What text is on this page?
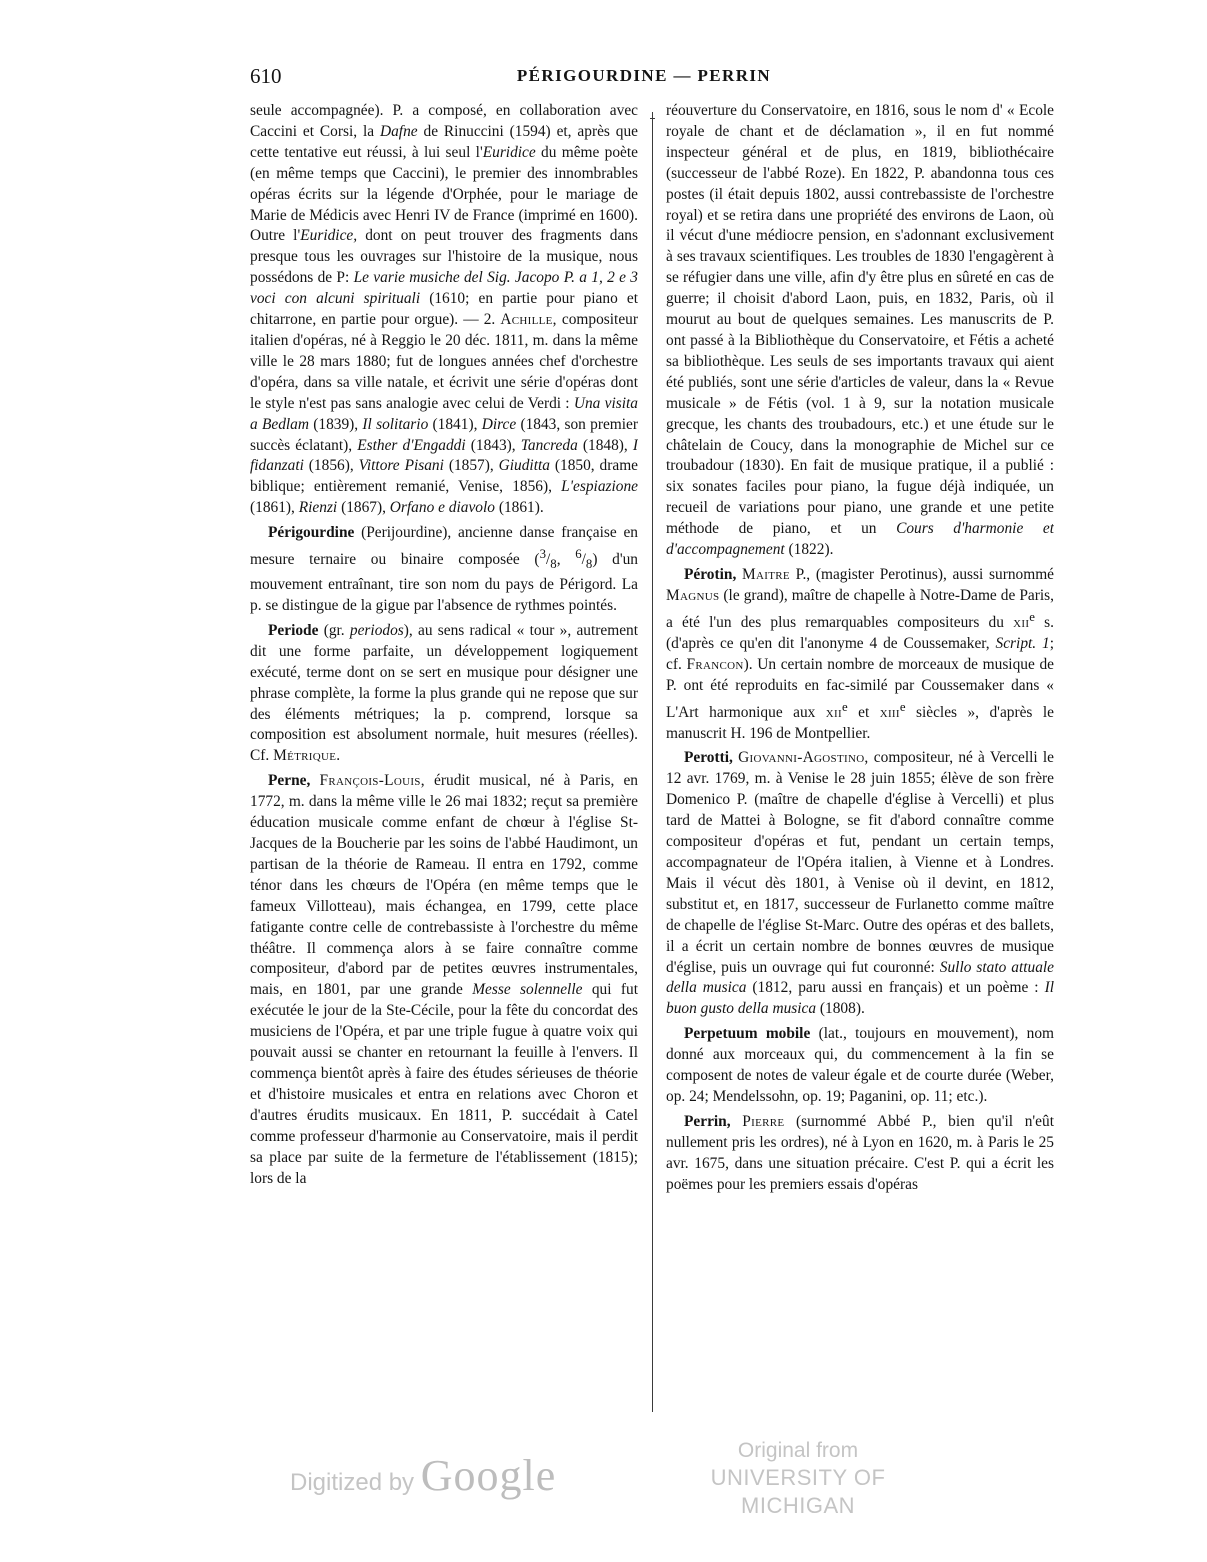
610	PÉRIGOURDINE — PERRIN

seule accompagnée). P. a composé, en collaboration avec Caccini et Corsi, la Dafne de Rinuccini (1594) et, après que cette tentative eut réussi, à lui seul l'Euridice du même poète (en même temps que Caccini), le premier des innombrables opéras écrits sur la légende d'Orphée, pour le mariage de Marie de Médicis avec Henri IV de France (imprimé en 1600). Outre l'Euridice, dont on peut trouver des fragments dans presque tous les ouvrages sur l'histoire de la musique, nous possédons de P: Le varie musiche del Sig. Jacopo P. a 1, 2 e 3 voci con alcuni spirituali (1610; en partie pour piano et chitarrone, en partie pour orgue). — 2. Achille, compositeur italien d'opéras, né à Reggio le 20 déc. 1811, m. dans la même ville le 28 mars 1880; fut de longues années chef d'orchestre d'opéra, dans sa ville natale, et écrivit une série d'opéras dont le style n'est pas sans analogie avec celui de Verdi : Una visita a Bedlam (1839), Il solitario (1841), Dirce (1843, son premier succès éclatant), Esther d'Engaddi (1843), Tancreda (1848), I fidanzati (1856), Vittore Pisani (1857), Giuditta (1850, drame biblique; entièrement remanié, Venise, 1856), L'espiazione (1861), Rienzi (1867), Orfano e diavolo (1861).

Périgourdine (Perijourdine), ancienne danse française en mesure ternaire ou binaire composée ($^3/_8$, $^6/_8$) d'un mouvement entraînant, tire son nom du pays de Périgord. La p. se distingue de la gigue par l'absence de rythmes pointés.

Periode (gr. periodos), au sens radical « tour », autrement dit une forme parfaite, un développement logiquement exécuté, terme dont on se sert en musique pour désigner une phrase complète, la forme la plus grande qui ne repose que sur des éléments métriques; la p. comprend, lorsque sa composition est absolument normale, huit mesures (réelles). Cf. Métrique.

Perne, François-Louis, érudit musical, né à Paris, en 1772, m. dans la même ville le 26 mai 1832; reçut sa première éducation musicale comme enfant de chœur à l'église St-Jacques de la Boucherie par les soins de l'abbé Haudimont, un partisan de la théorie de Rameau. Il entra en 1792, comme ténor dans les chœurs de l'Opéra (en même temps que le fameux Villotteau), mais échangea, en 1799, cette place fatigante contre celle de contrebassiste à l'orchestre du même théâtre. Il commença alors à se faire connaître comme compositeur, d'abord par de petites œuvres instrumentales, mais, en 1801, par une grande Messe solennelle qui fut exécutée le jour de la Ste-Cécile, pour la fête du concordat des musiciens de l'Opéra, et par une triple fugue à quatre voix qui pouvait aussi se chanter en retournant la feuille à l'envers. Il commença bientôt après à faire des études sérieuses de théorie et d'histoire musicales et entra en relations avec Choron et d'autres érudits musicaux. En 1811, P. succédait à Catel comme professeur d'harmonie au Conservatoire, mais il perdit sa place par suite de la fermeture de l'établissement (1815); lors de la

réouverture du Conservatoire, en 1816, sous le nom d' « Ecole royale de chant et de déclamation », il en fut nommé inspecteur général et de plus, en 1819, bibliothécaire (successeur de l'abbé Roze). En 1822, P. abandonna tous ces postes (il était depuis 1802, aussi contrebassiste de l'orchestre royal) et se retira dans une propriété des environs de Laon, où il vécut d'une médiocre pension, en s'adonnant exclusivement à ses travaux scientifiques. Les troubles de 1830 l'engagèrent à se réfugier dans une ville, afin d'y être plus en sûreté en cas de guerre; il choisit d'abord Laon, puis, en 1832, Paris, où il mourut au bout de quelques semaines. Les manuscrits de P. ont passé à la Bibliothèque du Conservatoire, et Fétis a acheté sa bibliothèque. Les seuls de ses importants travaux qui aient été publiés, sont une série d'articles de valeur, dans la « Revue musicale » de Fétis (vol. 1 à 9, sur la notation musicale grecque, les chants des troubadours, etc.) et une étude sur le châtelain de Coucy, dans la monographie de Michel sur ce troubadour (1830). En fait de musique pratique, il a publié : six sonates faciles pour piano, la fugue déjà indiquée, un recueil de variations pour piano, une grande et une petite méthode de piano, et un Cours d'harmonie et d'accompagnement (1822).

Pérotin, Maitre P., (magister Perotinus), aussi surnommé Magnus (le grand), maître de chapelle à Notre-Dame de Paris, a été l'un des plus remarquables compositeurs du xii$^e$ s. (d'après ce qu'en dit l'anonyme 4 de Coussemaker, Script. 1; cf. Francon). Un certain nombre de morceaux de musique de P. ont été reproduits en fac-similé par Coussemaker dans « L'Art harmonique aux xii$^e$ et xiii$^e$ siècles », d'après le manuscrit H. 196 de Montpellier.

Perotti, Giovanni-Agostino, compositeur, né à Vercelli le 12 avr. 1769, m. à Venise le 28 juin 1855; élève de son frère Domenico P. (maître de chapelle d'église à Vercelli) et plus tard de Mattei à Bologne, se fit d'abord connaître comme compositeur d'opéras et fut, pendant un certain temps, accompagnateur de l'Opéra italien, à Vienne et à Londres. Mais il vécut dès 1801, à Venise où il devint, en 1812, substitut et, en 1817, successeur de Furlanetto comme maître de chapelle de l'église St-Marc. Outre des opéras et des ballets, il a écrit un certain nombre de bonnes œuvres de musique d'église, puis un ouvrage qui fut couronné: Sullo stato attuale della musica (1812, paru aussi en français) et un poème : Il buon gusto della musica (1808).

Perpetuum mobile (lat., toujours en mouvement), nom donné aux morceaux qui, du commencement à la fin se composent de notes de valeur égale et de courte durée (Weber, op. 24; Mendelssohn, op. 19; Paganini, op. 11; etc.).

Perrin, Pierre (surnommé Abbé P., bien qu'il n'eût nullement pris les ordres), né à Lyon en 1620, m. à Paris le 25 avr. 1675, dans une situation précaire. C'est P. qui a écrit les poëmes pour les premiers essais d'opéras

Digitized by Google
Original from
UNIVERSITY OF MICHIGAN
